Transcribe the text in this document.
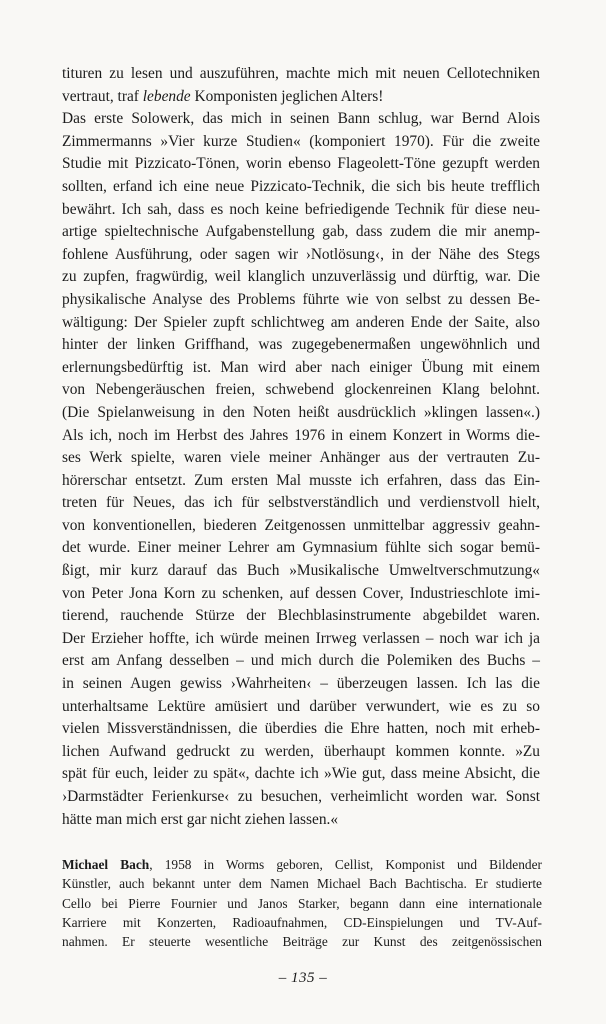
tituren zu lesen und auszuführen, machte mich mit neuen Cellotechniken
vertraut, traf lebende Komponisten jeglichen Alters!
Das erste Solowerk, das mich in seinen Bann schlug, war Bernd Alois
Zimmermanns »Vier kurze Studien« (komponiert 1970). Für die zweite
Studie mit Pizzicato-Tönen, worin ebenso Flageolett-Töne gezupft werden
sollten, erfand ich eine neue Pizzicato-Technik, die sich bis heute trefflich
bewährt. Ich sah, dass es noch keine befriedigende Technik für diese neu-
artige spieltechnische Aufgabenstellung gab, dass zudem die mir anemp-
fohlene Ausführung, oder sagen wir ›Notlösung‹, in der Nähe des Stegs
zu zupfen, fragwürdig, weil klanglich unzuverlässig und dürftig, war. Die
physikalische Analyse des Problems führte wie von selbst zu dessen Be-
wältigung: Der Spieler zupft schlichtweg am anderen Ende der Saite, also
hinter der linken Griffhand, was zugegebenermaßen ungewöhnlich und
erlernungsbedürftig ist. Man wird aber nach einiger Übung mit einem
von Nebengeräuschen freien, schwebend glockenreinen Klang belohnt.
(Die Spielanweisung in den Noten heißt ausdrücklich »klingen lassen«.)
Als ich, noch im Herbst des Jahres 1976 in einem Konzert in Worms die-
ses Werk spielte, waren viele meiner Anhänger aus der vertrauten Zu-
hörerschar entsetzt. Zum ersten Mal musste ich erfahren, dass das Ein-
treten für Neues, das ich für selbstverständlich und verdienstvoll hielt,
von konventionellen, biederen Zeitgenossen unmittelbar aggressiv geahn-
det wurde. Einer meiner Lehrer am Gymnasium fühlte sich sogar bemü-
ßigt, mir kurz darauf das Buch »Musikalische Umweltverschmutzung«
von Peter Jona Korn zu schenken, auf dessen Cover, Industrieschlote imi-
tierend, rauchende Stürze der Blechblasinstrumente abgebildet waren.
Der Erzieher hoffte, ich würde meinen Irrweg verlassen – noch war ich ja
erst am Anfang desselben – und mich durch die Polemiken des Buchs –
in seinen Augen gewiss ›Wahrheiten‹ – überzeugen lassen. Ich las die
unterhaltsame Lektüre amüsiert und darüber verwundert, wie es zu so
vielen Missverständnissen, die überdies die Ehre hatten, noch mit erheb-
lichen Aufwand gedruckt zu werden, überhaupt kommen konnte. »Zu
spät für euch, leider zu spät«, dachte ich »Wie gut, dass meine Absicht, die
›Darmstädter Ferienkurse‹ zu besuchen, verheimlicht worden war. Sonst
hätte man mich erst gar nicht ziehen lassen.«
Michael Bach, 1958 in Worms geboren, Cellist, Komponist und Bildender
Künstler, auch bekannt unter dem Namen Michael Bach Bachtischa. Er studierte
Cello bei Pierre Fournier und Janos Starker, begann dann eine internationale
Karriere mit Konzerten, Radioaufnahmen, CD-Einspielungen und TV-Auf-
nahmen. Er steuerte wesentliche Beiträge zur Kunst des zeitgenössischen
– 135 –
